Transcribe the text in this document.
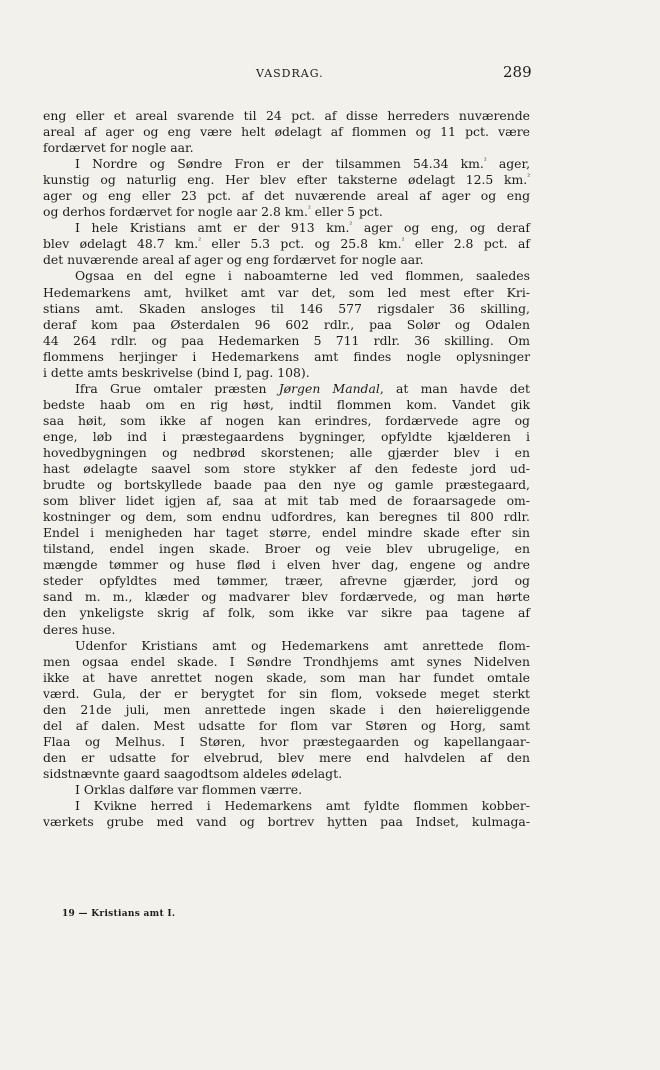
VASDRAG.	289
eng eller et areal svarende til 24 pct. af disse herreders nuværende
areal af ager og eng være helt ødelagt af flommen og 11 pct. være
fordærvet for nogle aar.
I Nordre og Søndre Fron er der tilsammen 54.34 km.$^{^2}$ ager,
kunstig og naturlig eng. Her blev efter taksterne ødelagt 12.5 km.$^{^2}$
ager og eng eller 23 pct. af det nuværende areal af ager og eng
og derhos fordærvet for nogle aar 2.8 km.$^{^2}$ eller 5 pct.
I hele Kristians amt er der 913 km.$^{^2}$ ager og eng, og deraf
blev ødelagt 48.7 km.$^{^2}$ eller 5.3 pct. og 25.8 km.$^{^2}$ eller 2.8 pct. af
det nuværende areal af ager og eng fordærvet for nogle aar.
Ogsaa en del egne i naboamterne led ved flommen, saaledes
Hedemarkens amt, hvilket amt var det, som led mest efter Kri-
stians amt. Skaden ansloges til 146 577 rigsdaler 36 skilling,
deraf kom paa Østerdalen 96 602 rdlr., paa Solør og Odalen
44 264 rdlr. og paa Hedemarken 5 711 rdlr. 36 skilling. Om
flommens herjinger i Hedemarkens amt findes nogle oplysninger
i dette amts beskrivelse (bind I, pag. 108).
Ifra Grue omtaler præsten Jørgen Mandal, at man havde det
bedste haab om en rig høst, indtil flommen kom. Vandet gik
saa høit, som ikke af nogen kan erindres, fordærvede agre og
enge, løb ind i præstegaardens bygninger, opfyldte kjælderen i
hovedbygningen og nedbrød skorstenen; alle gjærder blev i en
hast ødelagte saavel som store stykker af den fedeste jord ud-
brudte og bortskyllede baade paa den nye og gamle præstegaard,
som bliver lidet igjen af, saa at mit tab med de foraarsagede om-
kostninger og dem, som endnu udfordres, kan beregnes til 800 rdlr.
Endel i menigheden har taget større, endel mindre skade efter sin
tilstand, endel ingen skade. Broer og veie blev ubrugelige, en
mængde tømmer og huse flød i elven hver dag, engene og andre
steder opfyldtes med tømmer, træer, afrevne gjærder, jord og
sand m. m., klæder og madvarer blev fordærvede, og man hørte
den ynkeligste skrig af folk, som ikke var sikre paa tagene af
deres huse.
Udenfor Kristians amt og Hedemarkens amt anrettede flom-
men ogsaa endel skade. I Søndre Trondhjems amt synes Nidelven
ikke at have anrettet nogen skade, som man har fundet omtale
værd. Gula, der er berygtet for sin flom, voksede meget sterkt
den 21de juli, men anrettede ingen skade i den høiereliggende
del af dalen. Mest udsatte for flom var Støren og Horg, samt
Flaa og Melhus. I Støren, hvor præstegaarden og kapellangaar-
den er udsatte for elvebrud, blev mere end halvdelen af den
sidstnævnte gaard saagodtsom aldeles ødelagt.
I Orklas dalføre var flommen værre.
I Kvikne herred i Hedemarkens amt fyldte flommen kobber-
værkets grube med vand og bortrev hytten paa Indset, kulmaga-
19 — Kristians amt I.
